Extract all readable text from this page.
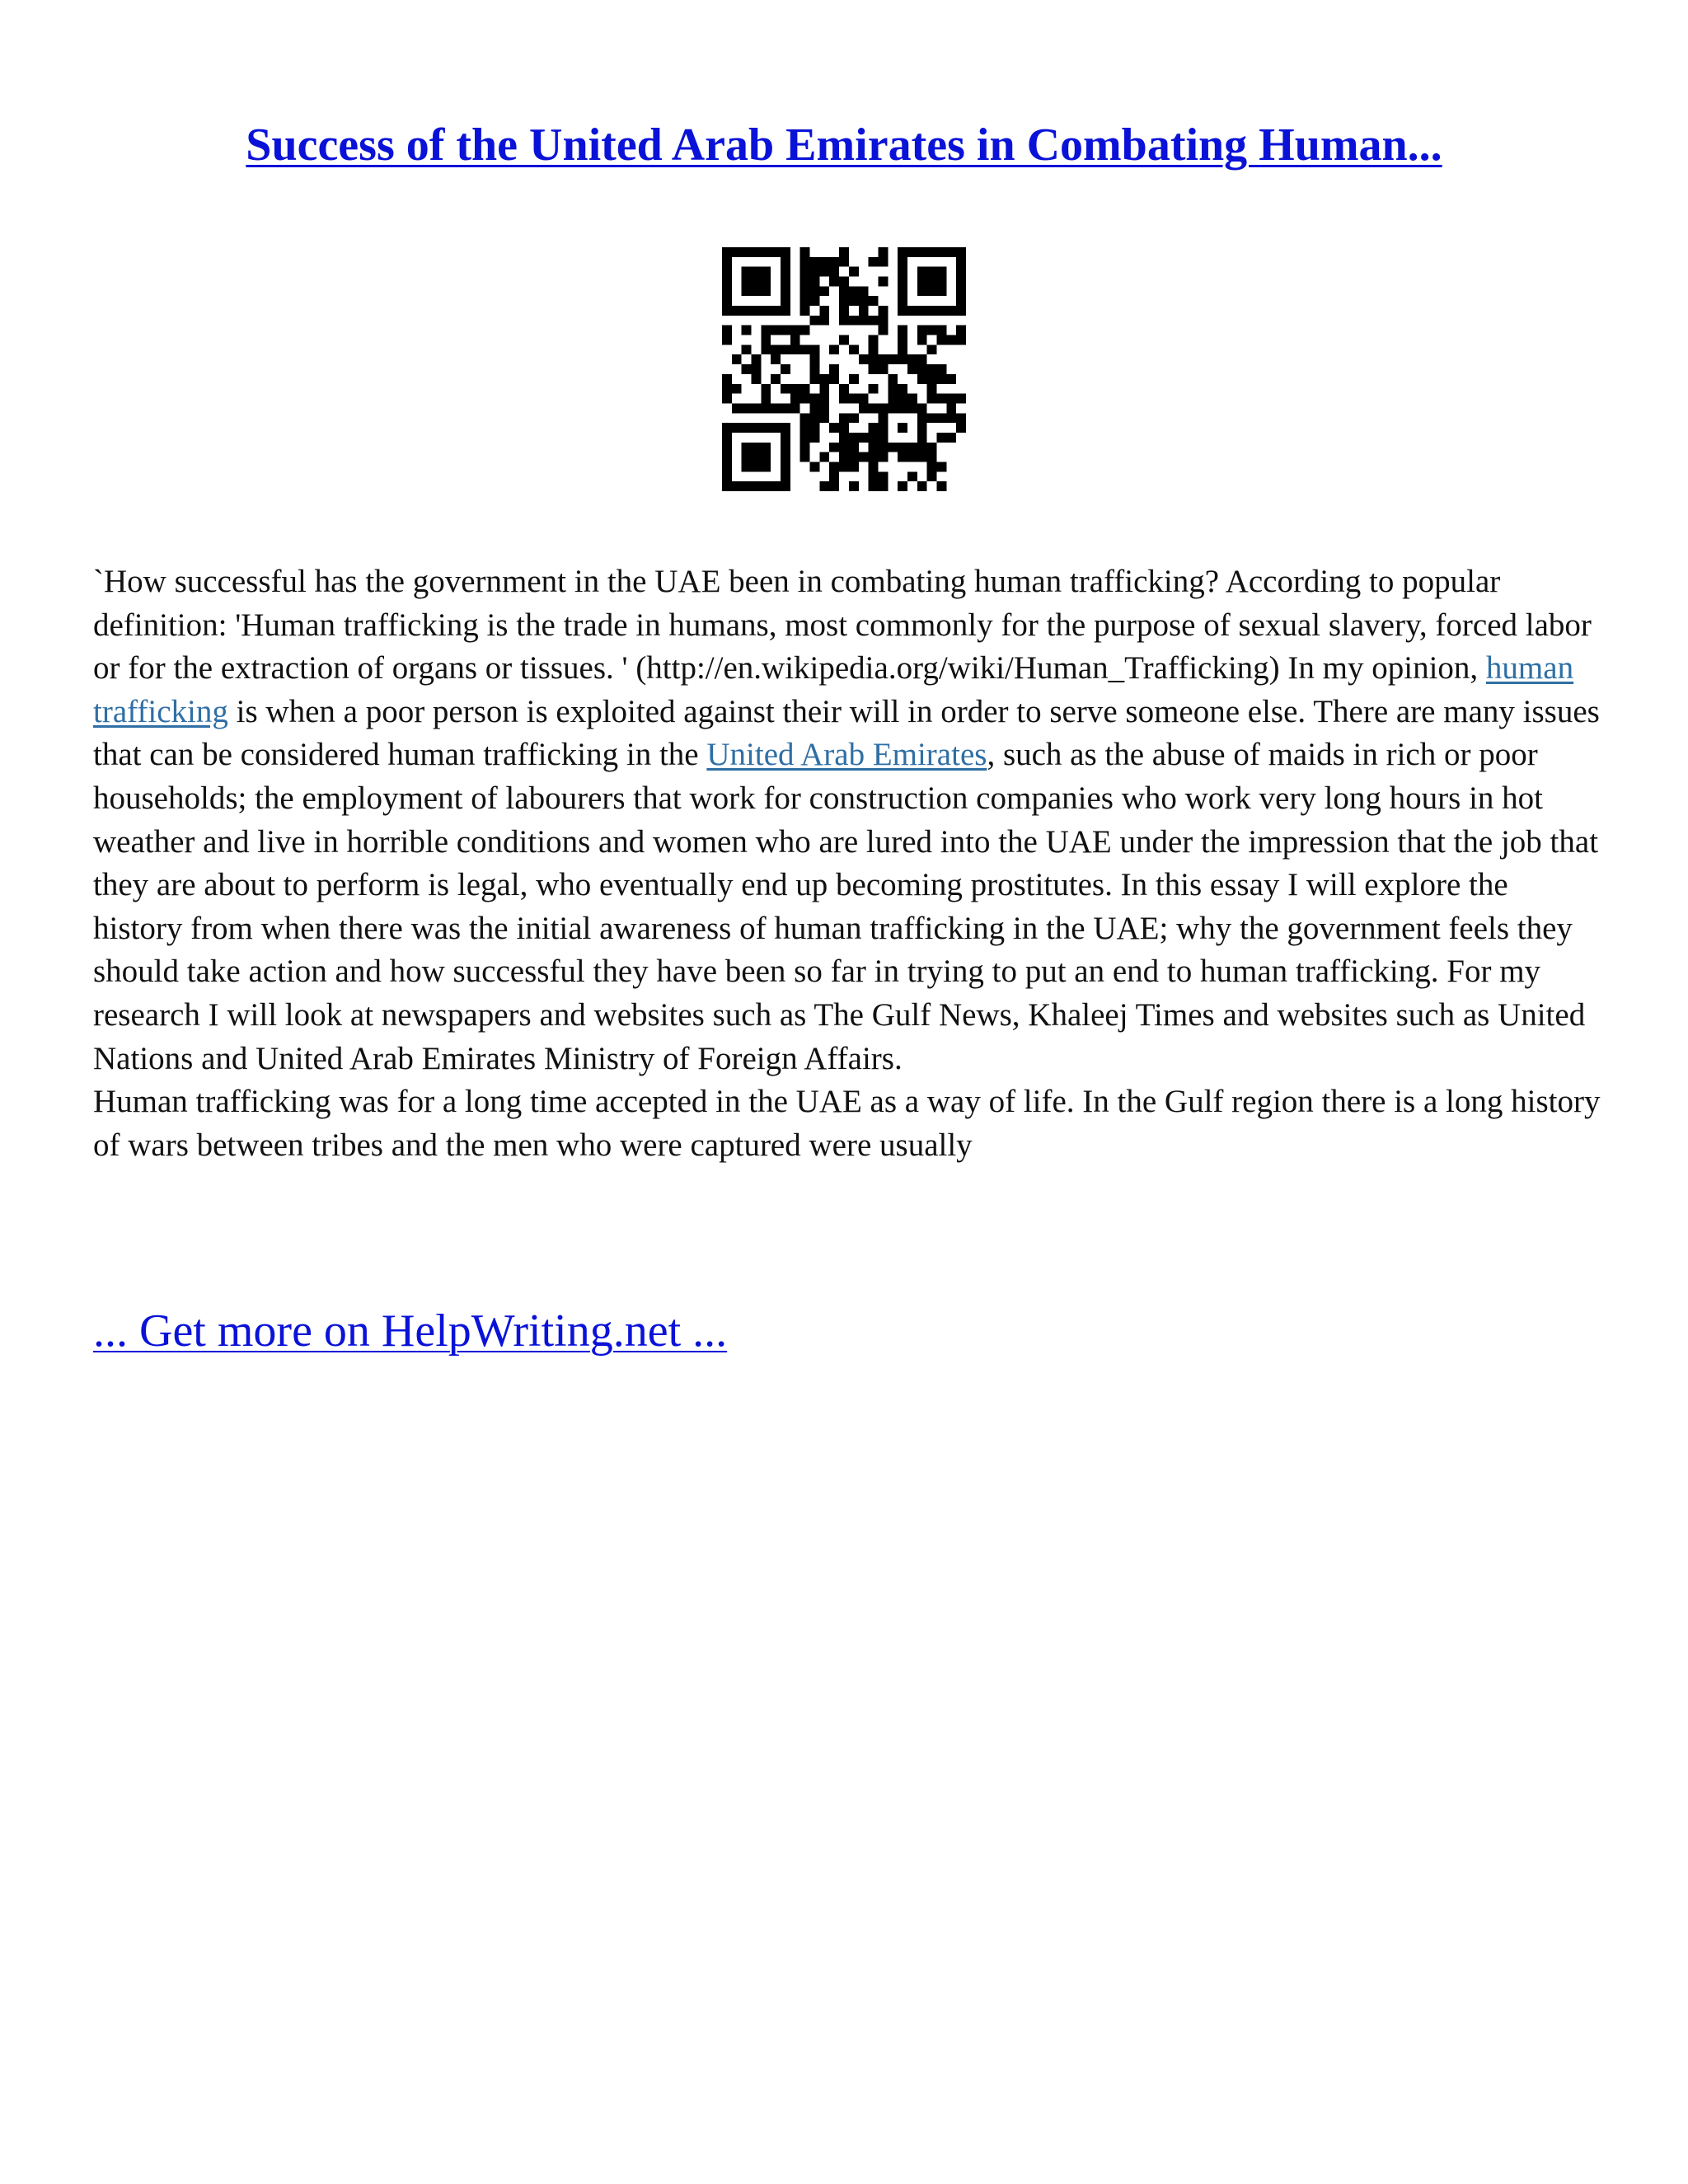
Success of the United Arab Emirates in Combating Human...

`How successful has the government in the UAE been in combating human trafficking? According to popular definition: 'Human trafficking is the trade in humans, most commonly for the purpose of sexual slavery, forced labor or for the extraction of organs or tissues. ' (http://en.wikipedia.org/wiki/Human_Trafficking) In my opinion, human trafficking is when a poor person is exploited against their will in order to serve someone else. There are many issues that can be considered human trafficking in the United Arab Emirates, such as the abuse of maids in rich or poor households; the employment of labourers that work for construction companies who work very long hours in hot weather and live in horrible conditions and women who are lured into the UAE under the impression that the job that they are about to perform is legal, who eventually end up becoming prostitutes. In this essay I will explore the history from when there was the initial awareness of human trafficking in the UAE; why the government feels they should take action and how successful they have been so far in trying to put an end to human trafficking. For my research I will look at newspapers and websites such as The Gulf News, Khaleej Times and websites such as United Nations and United Arab Emirates Ministry of Foreign Affairs.

Human trafficking was for a long time accepted in the UAE as a way of life. In the Gulf region there is a long history of wars between tribes and the men who were captured were usually

... Get more on HelpWriting.net ...
